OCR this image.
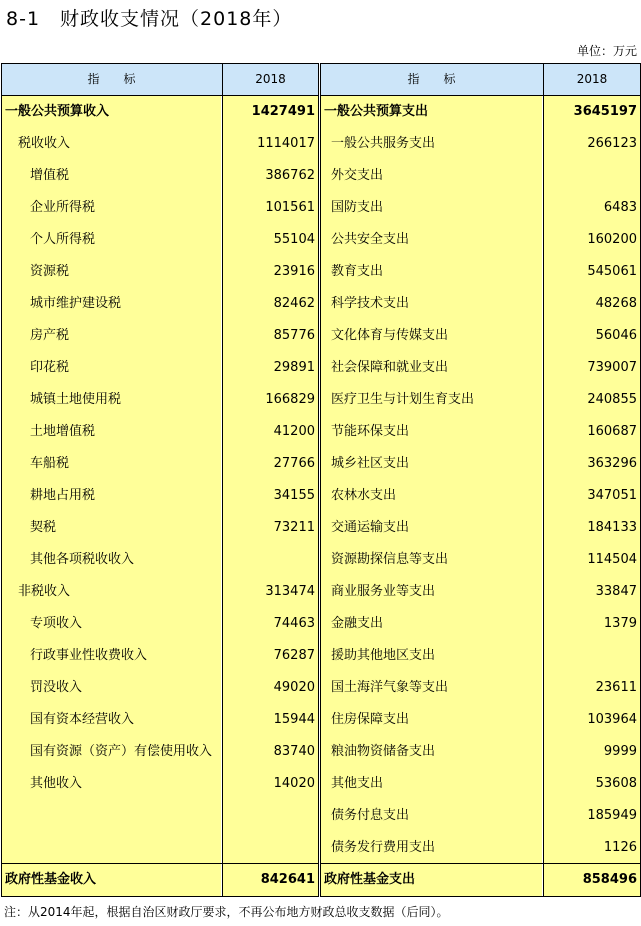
8-1　财政收支情况（2018年）
单位：万元
指　　标	2018
一般公共预算收入	1427491
税收收入	1114017
增值税	386762
企业所得税	101561
个人所得税	55104
资源税	23916
城市维护建设税	82462
房产税	85776
印花税	29891
城镇土地使用税	166829
土地增值税	41200
车船税	27766
耕地占用税	34155
契税	73211
其他各项税收收入
非税收入	313474
专项收入	74463
行政事业性收费收入	76287
罚没收入	49020
国有资本经营收入	15944
国有资源（资产）有偿使用收入	83740
其他收入	14020
政府性基金收入	842641
指　　标	2018
一般公共预算支出	3645197
一般公共服务支出	266123
外交支出
国防支出	6483
公共安全支出	160200
教育支出	545061
科学技术支出	48268
文化体育与传媒支出	56046
社会保障和就业支出	739007
医疗卫生与计划生育支出	240855
节能环保支出	160687
城乡社区支出	363296
农林水支出	347051
交通运输支出	184133
资源勘探信息等支出	114504
商业服务业等支出	33847
金融支出	1379
援助其他地区支出
国土海洋气象等支出	23611
住房保障支出	103964
粮油物资储备支出	9999
其他支出	53608
债务付息支出	185949
债务发行费用支出	1126
政府性基金支出	858496
注：从2014年起，根据自治区财政厅要求，不再公布地方财政总收支数据（后同）。
